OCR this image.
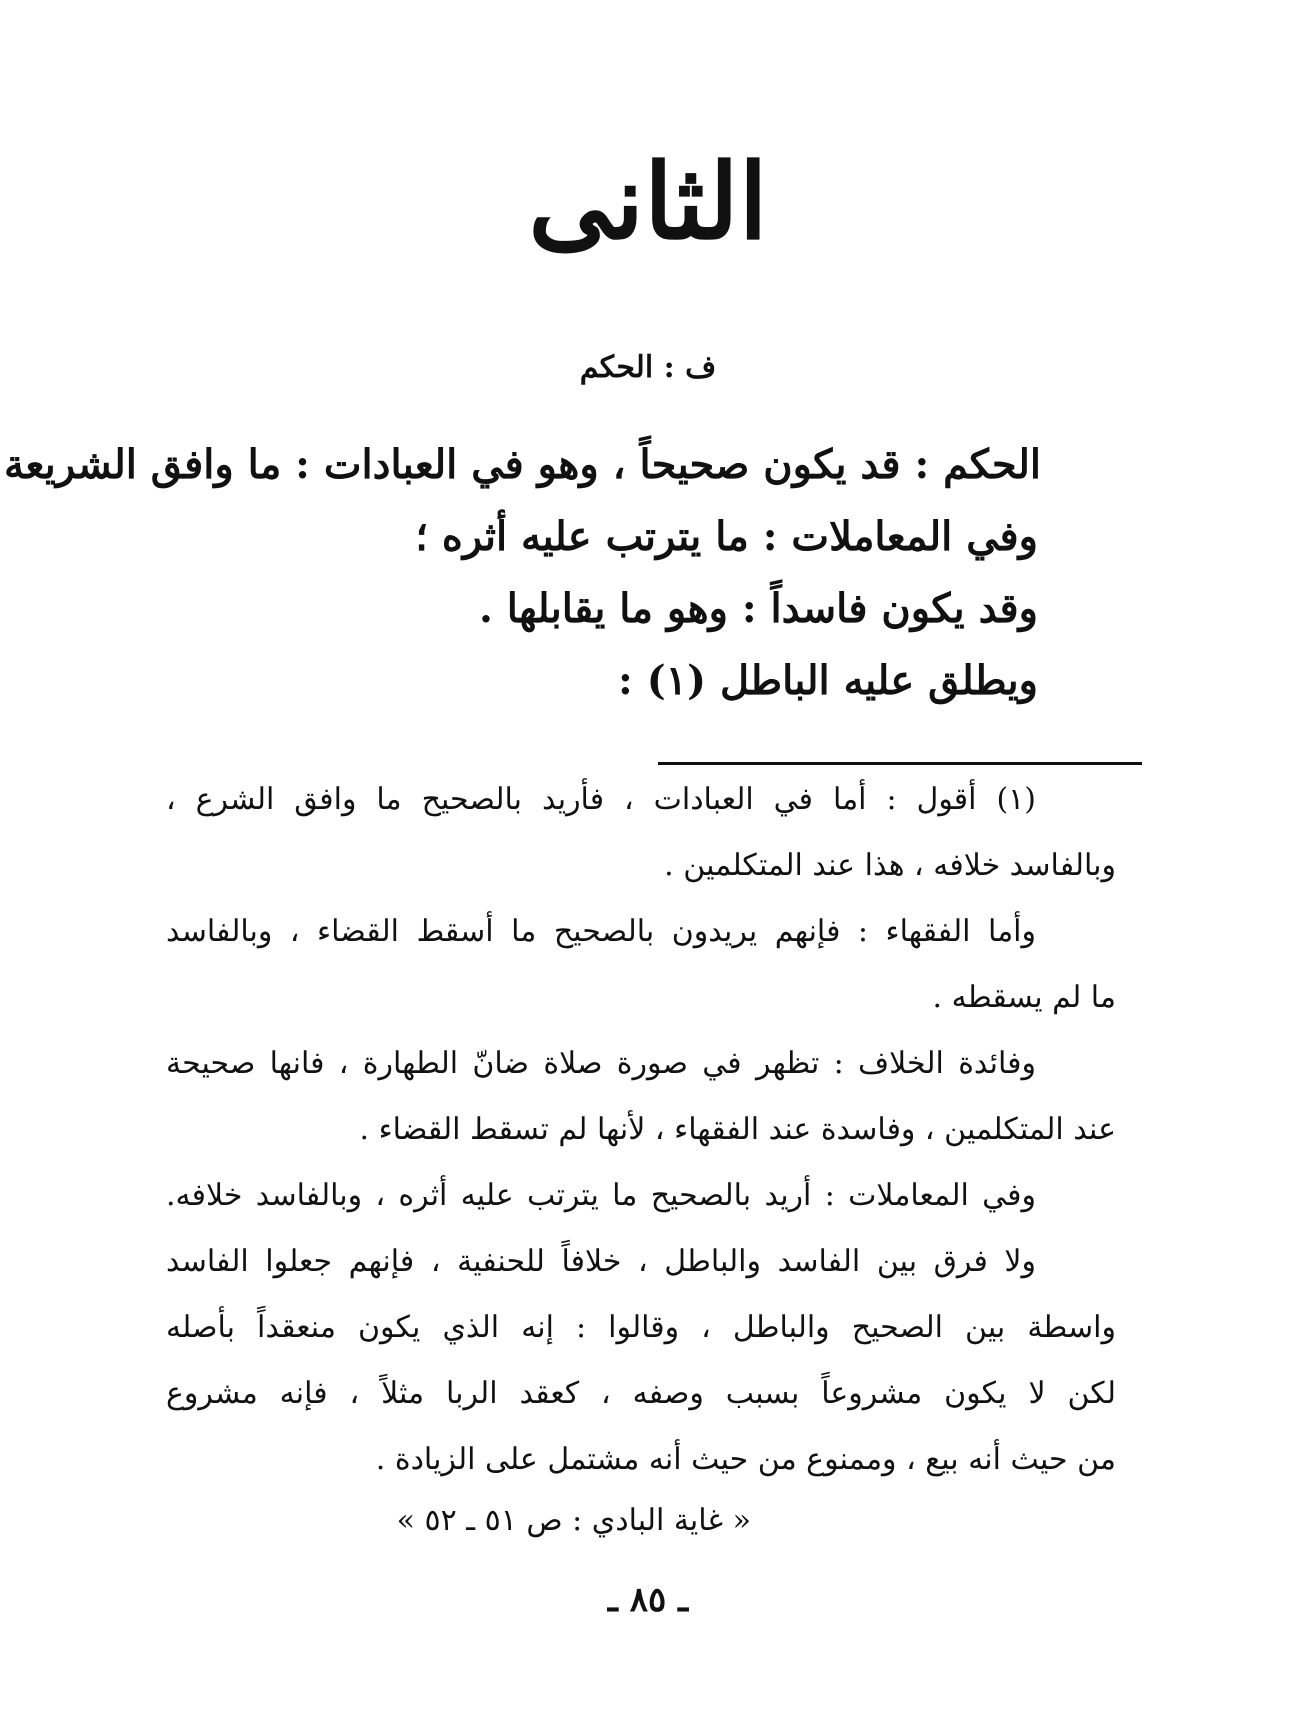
الثانى
ف : الحكم
الحكم : قد يكون صحيحاً ، وهو في العبادات : ما وافق الشريعة
وفي المعاملات : ما يترتب عليه أثره ؛
وقد يكون فاسداً : وهو ما يقابلها .
ويطلق عليه الباطل (١) :
(١) أقول : أما في العبادات ، فأريد بالصحيح ما وافق الشرع ،
وبالفاسد خلافه ، هذا عند المتكلمين .
وأما الفقهاء : فإنهم يريدون بالصحيح ما أسقط القضاء ، وبالفاسد
ما لم يسقطه .
وفائدة الخلاف : تظهر في صورة صلاة ضانّ الطهارة ، فانها صحيحة
عند المتكلمين ، وفاسدة عند الفقهاء ، لأنها لم تسقط القضاء .
وفي المعاملات : أريد بالصحيح ما يترتب عليه أثره ، وبالفاسد خلافه.
ولا فرق بين الفاسد والباطل ، خلافاً للحنفية ، فإنهم جعلوا الفاسد
واسطة بين الصحيح والباطل ، وقالوا : إنه الذي يكون منعقداً بأصله
لكن لا يكون مشروعاً بسبب وصفه ، كعقد الربا مثلاً ، فإنه مشروع
من حيث أنه بيع ، وممنوع من حيث أنه مشتمل على الزيادة .
« غاية البادي : ص ٥١ ـ ٥٢ »
ـ ٨٥ ـ
